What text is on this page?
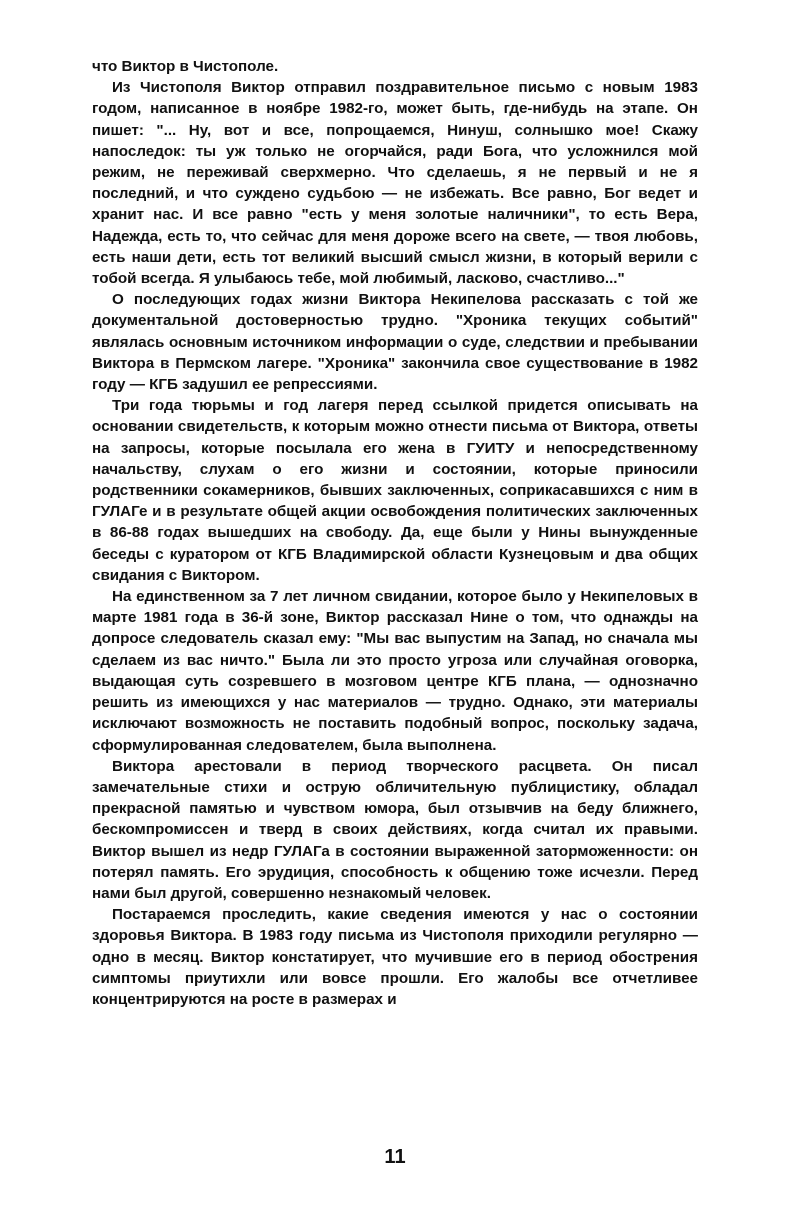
что Виктор в Чистополе.

Из Чистополя Виктор отправил поздравительное письмо с новым 1983 годом, написанное в ноябре 1982-го, может быть, где-нибудь на этапе. Он пишет: "... Ну, вот и все, попрощаемся, Нинуш, солнышко мое! Скажу напоследок: ты уж только не огорчайся, ради Бога, что усложнился мой режим, не переживай сверхмерно. Что сделаешь, я не первый и не я последний, и что суждено судьбою — не избежать. Все равно, Бог ведет и хранит нас. И все равно "есть у меня золотые наличники", то есть Вера, Надежда, есть то, что сейчас для меня дороже всего на свете, — твоя любовь, есть наши дети, есть тот великий высший смысл жизни, в который верили с тобой всегда. Я улыбаюсь тебе, мой любимый, ласково, счастливо..."

О последующих годах жизни Виктора Некипелова рассказать с той же документальной достоверностью трудно. "Хроника текущих событий" являлась основным источником информации о суде, следствии и пребывании Виктора в Пермском лагере. "Хроника" закончила свое существование в 1982 году — КГБ задушил ее репрессиями.

Три года тюрьмы и год лагеря перед ссылкой придется описывать на основании свидетельств, к которым можно отнести письма от Виктора, ответы на запросы, которые посылала его жена в ГУИТУ и непосредственному начальству, слухам о его жизни и состоянии, которые приносили родственники сокамерников, бывших заключенных, соприкасавшихся с ним в ГУЛАГе и в результате общей акции освобождения политических заключенных в 86-88 годах вышедших на свободу. Да, еще были у Нины вынужденные беседы с куратором от КГБ Владимирской области Кузнецовым и два общих свидания с Виктором.

На единственном за 7 лет личном свидании, которое было у Некипеловых в марте 1981 года в 36-й зоне, Виктор рассказал Нине о том, что однажды на допросе следователь сказал ему: "Мы вас выпустим на Запад, но сначала мы сделаем из вас ничто." Была ли это просто угроза или случайная оговорка, выдающая суть созревшего в мозговом центре КГБ плана, — однозначно решить из имеющихся у нас материалов — трудно. Однако, эти материалы исключают возможность не поставить подобный вопрос, поскольку задача, сформулированная следователем, была выполнена.

Виктора арестовали в период творческого расцвета. Он писал замечательные стихи и острую обличительную публицистику, обладал прекрасной памятью и чувством юмора, был отзывчив на беду ближнего, бескомпромиссен и тверд в своих действиях, когда считал их правыми. Виктор вышел из недр ГУЛАГа в состоянии выраженной заторможенности: он потерял память. Его эрудиция, способность к общению тоже исчезли. Перед нами был другой, совершенно незнакомый человек.

Постараемся проследить, какие сведения имеются у нас о состоянии здоровья Виктора. В 1983 году письма из Чистополя приходили регулярно — одно в месяц. Виктор констатирует, что мучившие его в период обострения симптомы приутихли или вовсе прошли. Его жалобы все отчетливее концентрируются на росте в размерах и

11
